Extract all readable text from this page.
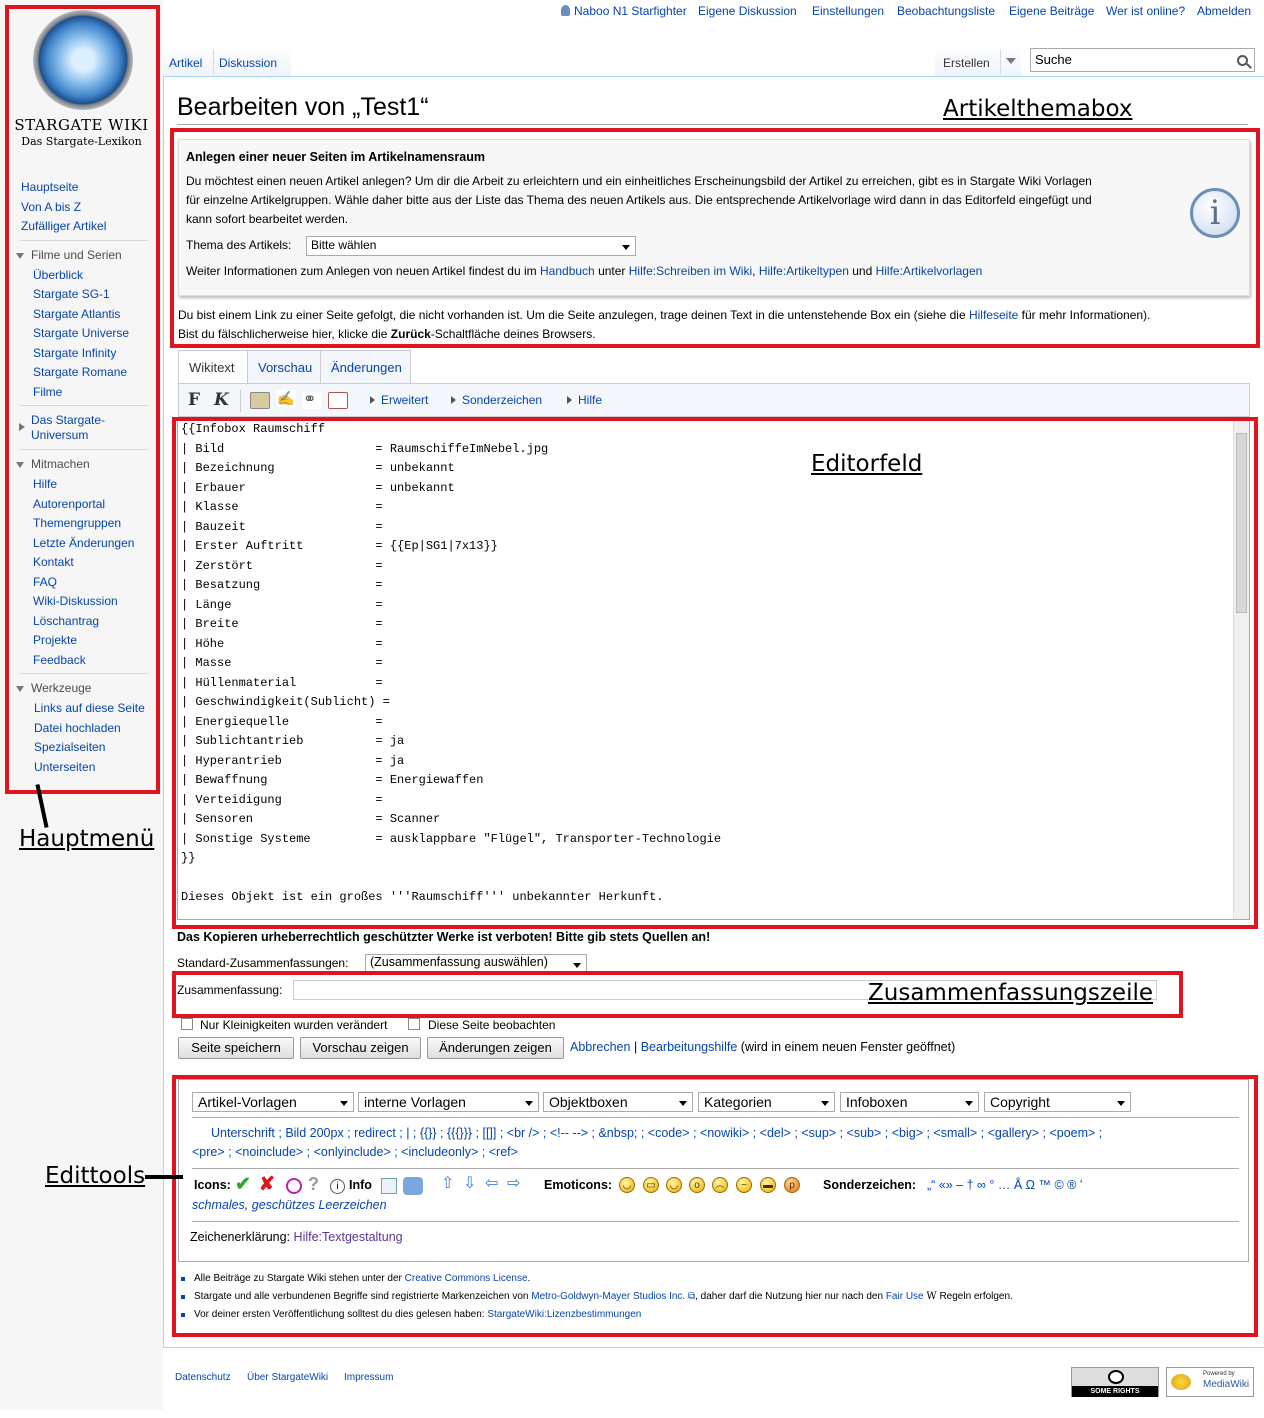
STARGATE WIKI
Das Stargate-Lexikon
Hauptseite
Von A bis Z
Zufälliger Artikel
Filme und Serien
Überblick
Stargate SG-1
Stargate Atlantis
Stargate Universe
Stargate Infinity
Stargate Romane
Filme
Das Stargate-Universum
Mitmachen
Hilfe
Autorenportal
Themengruppen
Letzte Änderungen
Kontakt
FAQ
Wiki-Diskussion
Löschantrag
Projekte
Feedback
Werkzeuge
Links auf diese Seite
Datei hochladen
Spezialseiten
Unterseiten
Naboo N1 Starfighter Eigene Diskussion Einstellungen Beobachtungsliste Eigene Beiträge Wer ist online? Abmelden
Artikel Diskussion	Erstellen	Suche
Bearbeiten von „Test1“
Anlegen einer neuer Seiten im Artikelnamensraum
Du möchtest einen neuen Artikel anlegen? Um dir die Arbeit zu erleichtern und ein einheitliches Erscheinungsbild der Artikel zu erreichen, gibt es in Stargate Wiki Vorlagen
für einzelne Artikelgruppen. Wähle daher bitte aus der Liste das Thema des neuen Artikels aus. Die entsprechende Artikelvorlage wird dann in das Editorfeld eingefügt und
kann sofort bearbeitet werden.
Thema des Artikels:	Bitte wählen
Weiter Informationen zum Anlegen von neuen Artikel findest du im Handbuch unter Hilfe:Schreiben im Wiki, Hilfe:Artikeltypen und Hilfe:Artikelvorlagen
i
Du bist einem Link zu einer Seite gefolgt, die nicht vorhanden ist. Um die Seite anzulegen, trage deinen Text in die untenstehende Box ein (siehe die Hilfeseite für mehr Informationen).
Bist du fälschlicherweise hier, klicke die Zurück-Schaltfläche deines Browsers.
Wikitext	Vorschau	Änderungen
F K	✍ ⚭	Erweitert	Sonderzeichen	Hilfe
{{Infobox Raumschiff
| Bild                     = RaumschiffeImNebel.jpg
| Bezeichnung              = unbekannt
| Erbauer                  = unbekannt
| Klasse                   =
| Bauzeit                  =
| Erster Auftritt          = {{Ep|SG1|7x13}}
| Zerstört                 =
| Besatzung                =
| Länge                    =
| Breite                   =
| Höhe                     =
| Masse                    =
| Hüllenmaterial           =
| Geschwindigkeit(Sublicht) =
| Energiequelle            =
| Sublichtantrieb          = ja
| Hyperantrieb             = ja
| Bewaffnung               = Energiewaffen
| Verteidigung             =
| Sensoren                 = Scanner
| Sonstige Systeme         = ausklappbare "Flügel", Transporter-Technologie
}}
Dieses Objekt ist ein großes '''Raumschiff''' unbekannter Herkunft.
Das Kopieren urheberrechtlich geschützter Werke ist verboten! Bitte gib stets Quellen an!
Standard-Zusammenfassungen:	(Zusammenfassung auswählen)
Zusammenfassung:
Nur Kleinigkeiten wurden verändert	Diese Seite beobachten
Seite speichern	Vorschau zeigen	Änderungen zeigen	Abbrechen | Bearbeitungshilfe (wird in einem neuen Fenster geöffnet)
Artikel-Vorlagen	interne Vorlagen	Objektboxen	Kategorien	Infoboxen	Copyright
Unterschrift ; Bild 200px ; redirect ; | ; {{}} ; {{{}}} ; [[]] ; <br /> ; <!-- --> ; &nbsp; ; <code> ; <nowiki> ; <del> ; <sup> ; <sub> ; <big> ; <small> ; <gallery> ; <poem> ;
<pre> ; <noinclude> ; <onlyinclude> ; <includeonly> ; <ref>
Icons: ✔ ✘ ?	i Info	⇧ ⇩ ⇦ ⇨ Emoticons:	◡	▭	◡	o	︵	~	▬	p	Sonderzeichen: „“ «» – † ∞ ° … Å Ω ™ © ® ʻ
schmales, geschützes Leerzeichen
Zeichenerklärung: Hilfe:Textgestaltung
Alle Beiträge zu Stargate Wiki stehen unter der Creative Commons License.
Stargate und alle verbundenen Begriffe sind registrierte Markenzeichen von Metro-Goldwyn-Mayer Studios Inc. ⧉, daher darf die Nutzung hier nur nach den Fair Use W Regeln erfolgen.
Vor deiner ersten Veröffentlichung solltest du dies gelesen haben: StargateWiki:Lizenzbestimmungen
Datenschutz Über StargateWiki Impressum
SOME RIGHTS RESERVED
Powered by
MediaWiki
Artikelthemabox
Editorfeld
Zusammenfassungszeile
Hauptmenü
Edittools
